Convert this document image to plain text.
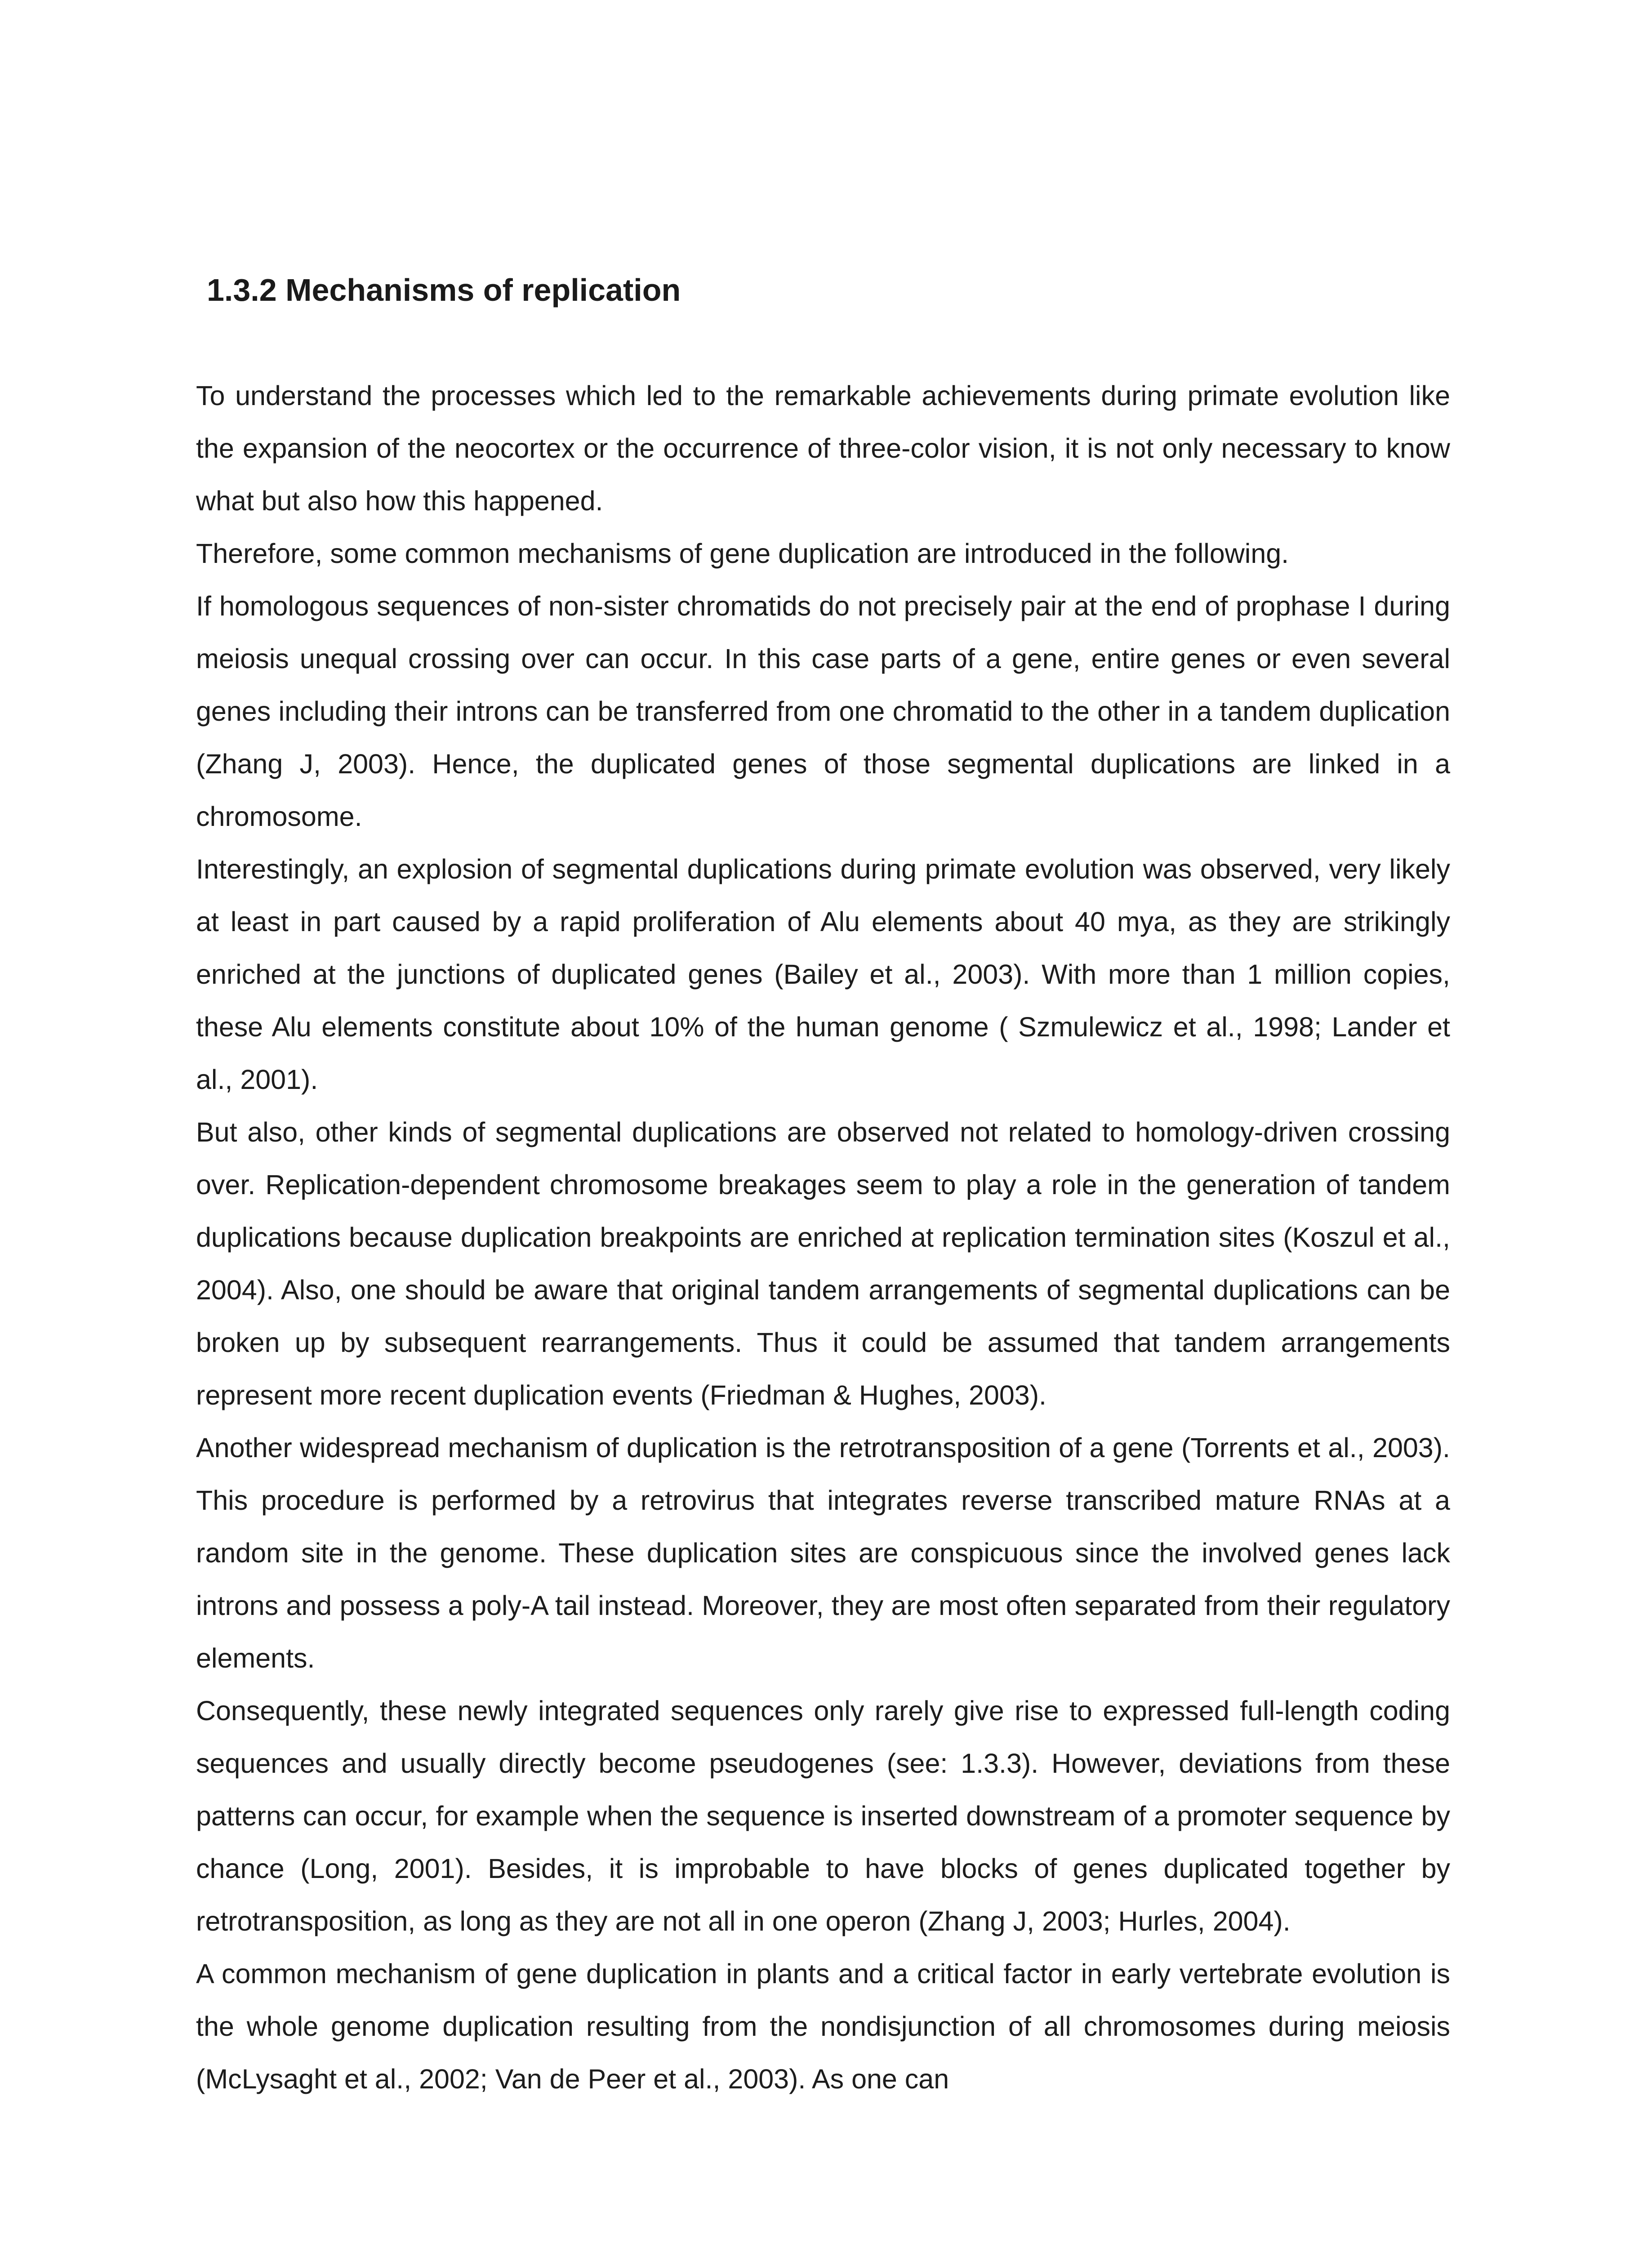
1.3.2 Mechanisms of replication

To understand the processes which led to the remarkable achievements during primate evolution like the expansion of the neocortex or the occurrence of three-color vision, it is not only necessary to know what but also how this happened.

Therefore, some common mechanisms of gene duplication are introduced in the following.

If homologous sequences of non-sister chromatids do not precisely pair at the end of prophase I during meiosis unequal crossing over can occur. In this case parts of a gene, entire genes or even several genes including their introns can be transferred from one chromatid to the other in a tandem duplication (Zhang J, 2003). Hence, the duplicated genes of those segmental duplications are linked in a chromosome.

Interestingly, an explosion of segmental duplications during primate evolution was observed, very likely at least in part caused by a rapid proliferation of Alu elements about 40 mya, as they are strikingly enriched at the junctions of duplicated genes (Bailey et al., 2003). With more than 1 million copies, these Alu elements constitute about 10% of the human genome ( Szmulewicz et al., 1998; Lander et al., 2001).

But also, other kinds of segmental duplications are observed not related to homology-driven crossing over. Replication-dependent chromosome breakages seem to play a role in the generation of tandem duplications because duplication breakpoints are enriched at replication termination sites (Koszul et al., 2004). Also, one should be aware that original tandem arrangements of segmental duplications can be broken up by subsequent rearrangements. Thus it could be assumed that tandem arrangements represent more recent duplication events (Friedman & Hughes, 2003).

Another widespread mechanism of duplication is the retrotransposition of a gene (Torrents et al., 2003). This procedure is performed by a retrovirus that integrates reverse transcribed mature RNAs at a random site in the genome. These duplication sites are conspicuous since the involved genes lack introns and possess a poly-A tail instead. Moreover, they are most often separated from their regulatory elements.

Consequently, these newly integrated sequences only rarely give rise to expressed full-length coding sequences and usually directly become pseudogenes (see: 1.3.3). However, deviations from these patterns can occur, for example when the sequence is inserted downstream of a promoter sequence by chance (Long, 2001). Besides, it is improbable to have blocks of genes duplicated together by retrotransposition, as long as they are not all in one operon (Zhang J, 2003; Hurles, 2004).

A common mechanism of gene duplication in plants and a critical factor in early vertebrate evolution is the whole genome duplication resulting from the nondisjunction of all chromosomes during meiosis (McLysaght et al., 2002; Van de Peer et al., 2003). As one can
